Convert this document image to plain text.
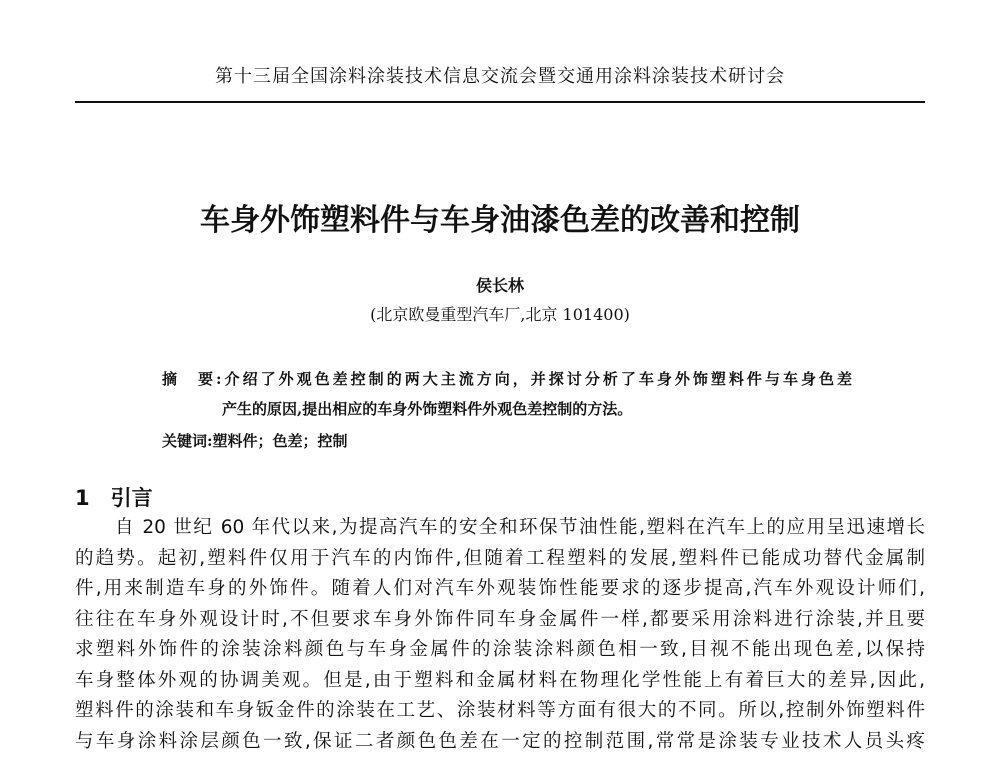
第十三届全国涂料涂装技术信息交流会暨交通用涂料涂装技术研讨会
车身外饰塑料件与车身油漆色差的改善和控制
侯长林
(北京欧曼重型汽车厂,北京 101400)
摘　要:介绍了外观色差控制的两大主流方向，并探讨分析了车身外饰塑料件与车身色差
产生的原因,提出相应的车身外饰塑料件外观色差控制的方法。
关键词:塑料件；色差；控制
1　引言
自 20 世纪 60 年代以来,为提高汽车的安全和环保节油性能,塑料在汽车上的应用呈迅速增长
的趋势。起初,塑料件仅用于汽车的内饰件,但随着工程塑料的发展,塑料件已能成功替代金属制
件,用来制造车身的外饰件。随着人们对汽车外观装饰性能要求的逐步提高,汽车外观设计师们,
往往在车身外观设计时,不但要求车身外饰件同车身金属件一样,都要采用涂料进行涂装,并且要
求塑料外饰件的涂装涂料颜色与车身金属件的涂装涂料颜色相一致,目视不能出现色差,以保持
车身整体外观的协调美观。但是,由于塑料和金属材料在物理化学性能上有着巨大的差异,因此,
塑料件的涂装和车身钣金件的涂装在工艺、涂装材料等方面有很大的不同。所以,控制外饰塑料件
与车身涂料涂层颜色一致,保证二者颜色色差在一定的控制范围,常常是涂装专业技术人员头疼
